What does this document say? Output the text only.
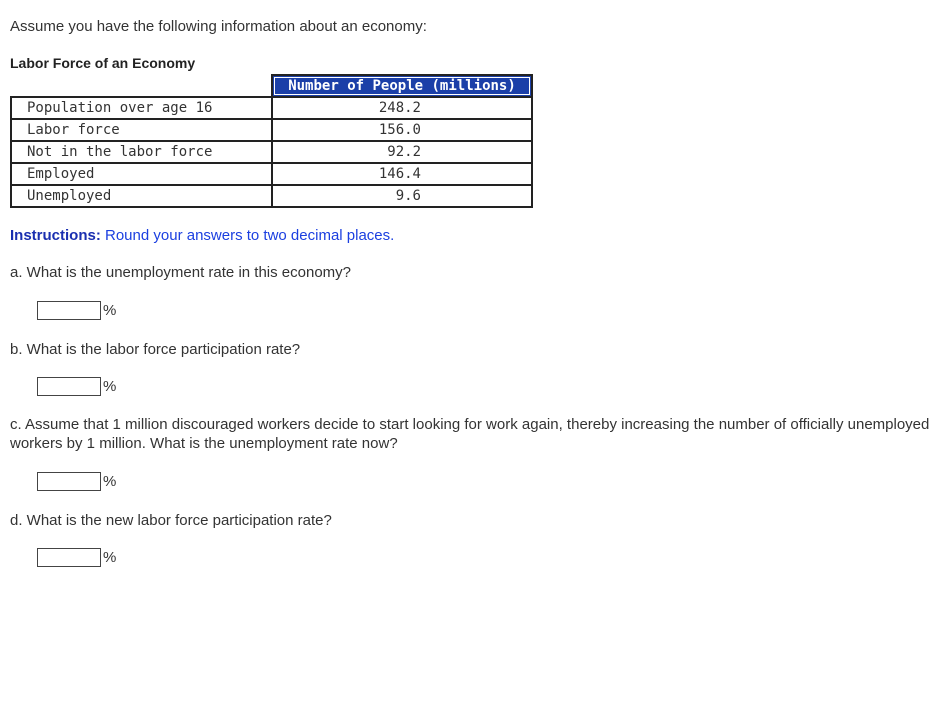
Assume you have the following information about an economy:

Labor Force of an Economy

	Number of People (millions)
Population over age 16	248.2
Labor force	156.0
Not in the labor force	92.2
Employed	146.4
Unemployed	9.6

Instructions: Round your answers to two decimal places.

a. What is the unemployment rate in this economy?

%

b. What is the labor force participation rate?

%

c. Assume that 1 million discouraged workers decide to start looking for work again, thereby increasing the number of officially unemployed workers by 1 million. What is the unemployment rate now?

%

d. What is the new labor force participation rate?

%
